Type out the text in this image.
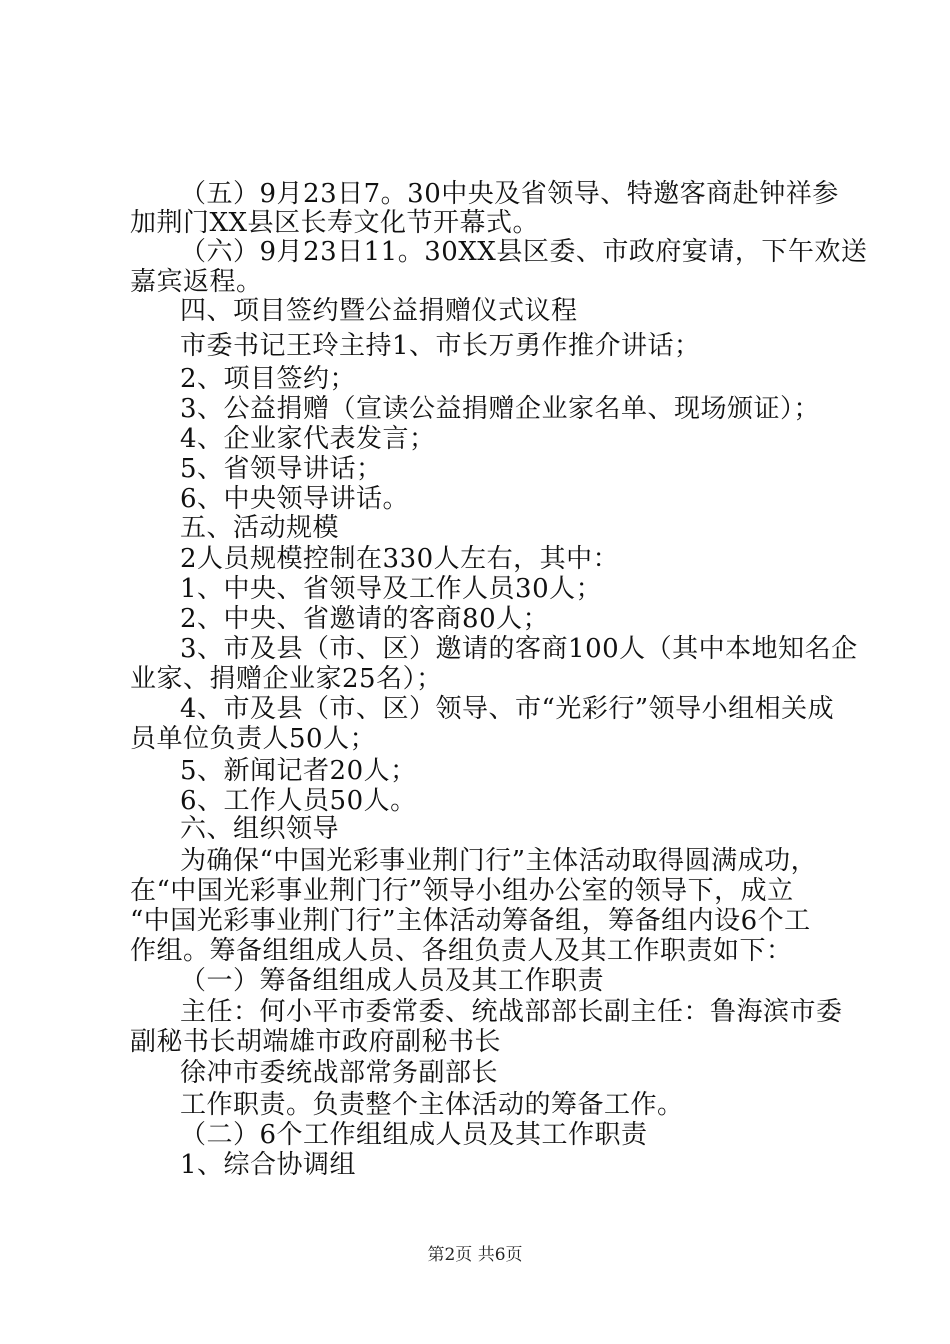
（五）9月23日7。30中央及省领导、特邀客商赴钟祥参
加荆门XX县区长寿文化节开幕式。
（六）9月23日11。30XX县区委、市政府宴请，下午欢送
嘉宾返程。
四、项目签约暨公益捐赠仪式议程
市委书记王玲主持1、市长万勇作推介讲话；
2、项目签约；
3、公益捐赠（宣读公益捐赠企业家名单、现场颁证）；
4、企业家代表发言；
5、省领导讲话；
6、中央领导讲话。
五、活动规模
2人员规模控制在330人左右，其中：
1、中央、省领导及工作人员30人；
2、中央、省邀请的客商80人；
3、市及县（市、区）邀请的客商100人（其中本地知名企
业家、捐赠企业家25名）；
4、市及县（市、区）领导、市“光彩行”领导小组相关成
员单位负责人50人；
5、新闻记者20人；
6、工作人员50人。
六、组织领导
为确保“中国光彩事业荆门行”主体活动取得圆满成功，
在“中国光彩事业荆门行”领导小组办公室的领导下，成立
“中国光彩事业荆门行”主体活动筹备组，筹备组内设6个工
作组。筹备组组成人员、各组负责人及其工作职责如下：
（一）筹备组组成人员及其工作职责
主任：何小平市委常委、统战部部长副主任：鲁海滨市委
副秘书长胡端雄市政府副秘书长
徐冲市委统战部常务副部长
工作职责。负责整个主体活动的筹备工作。
（二）6个工作组组成人员及其工作职责
1、综合协调组
第2页 共6页
